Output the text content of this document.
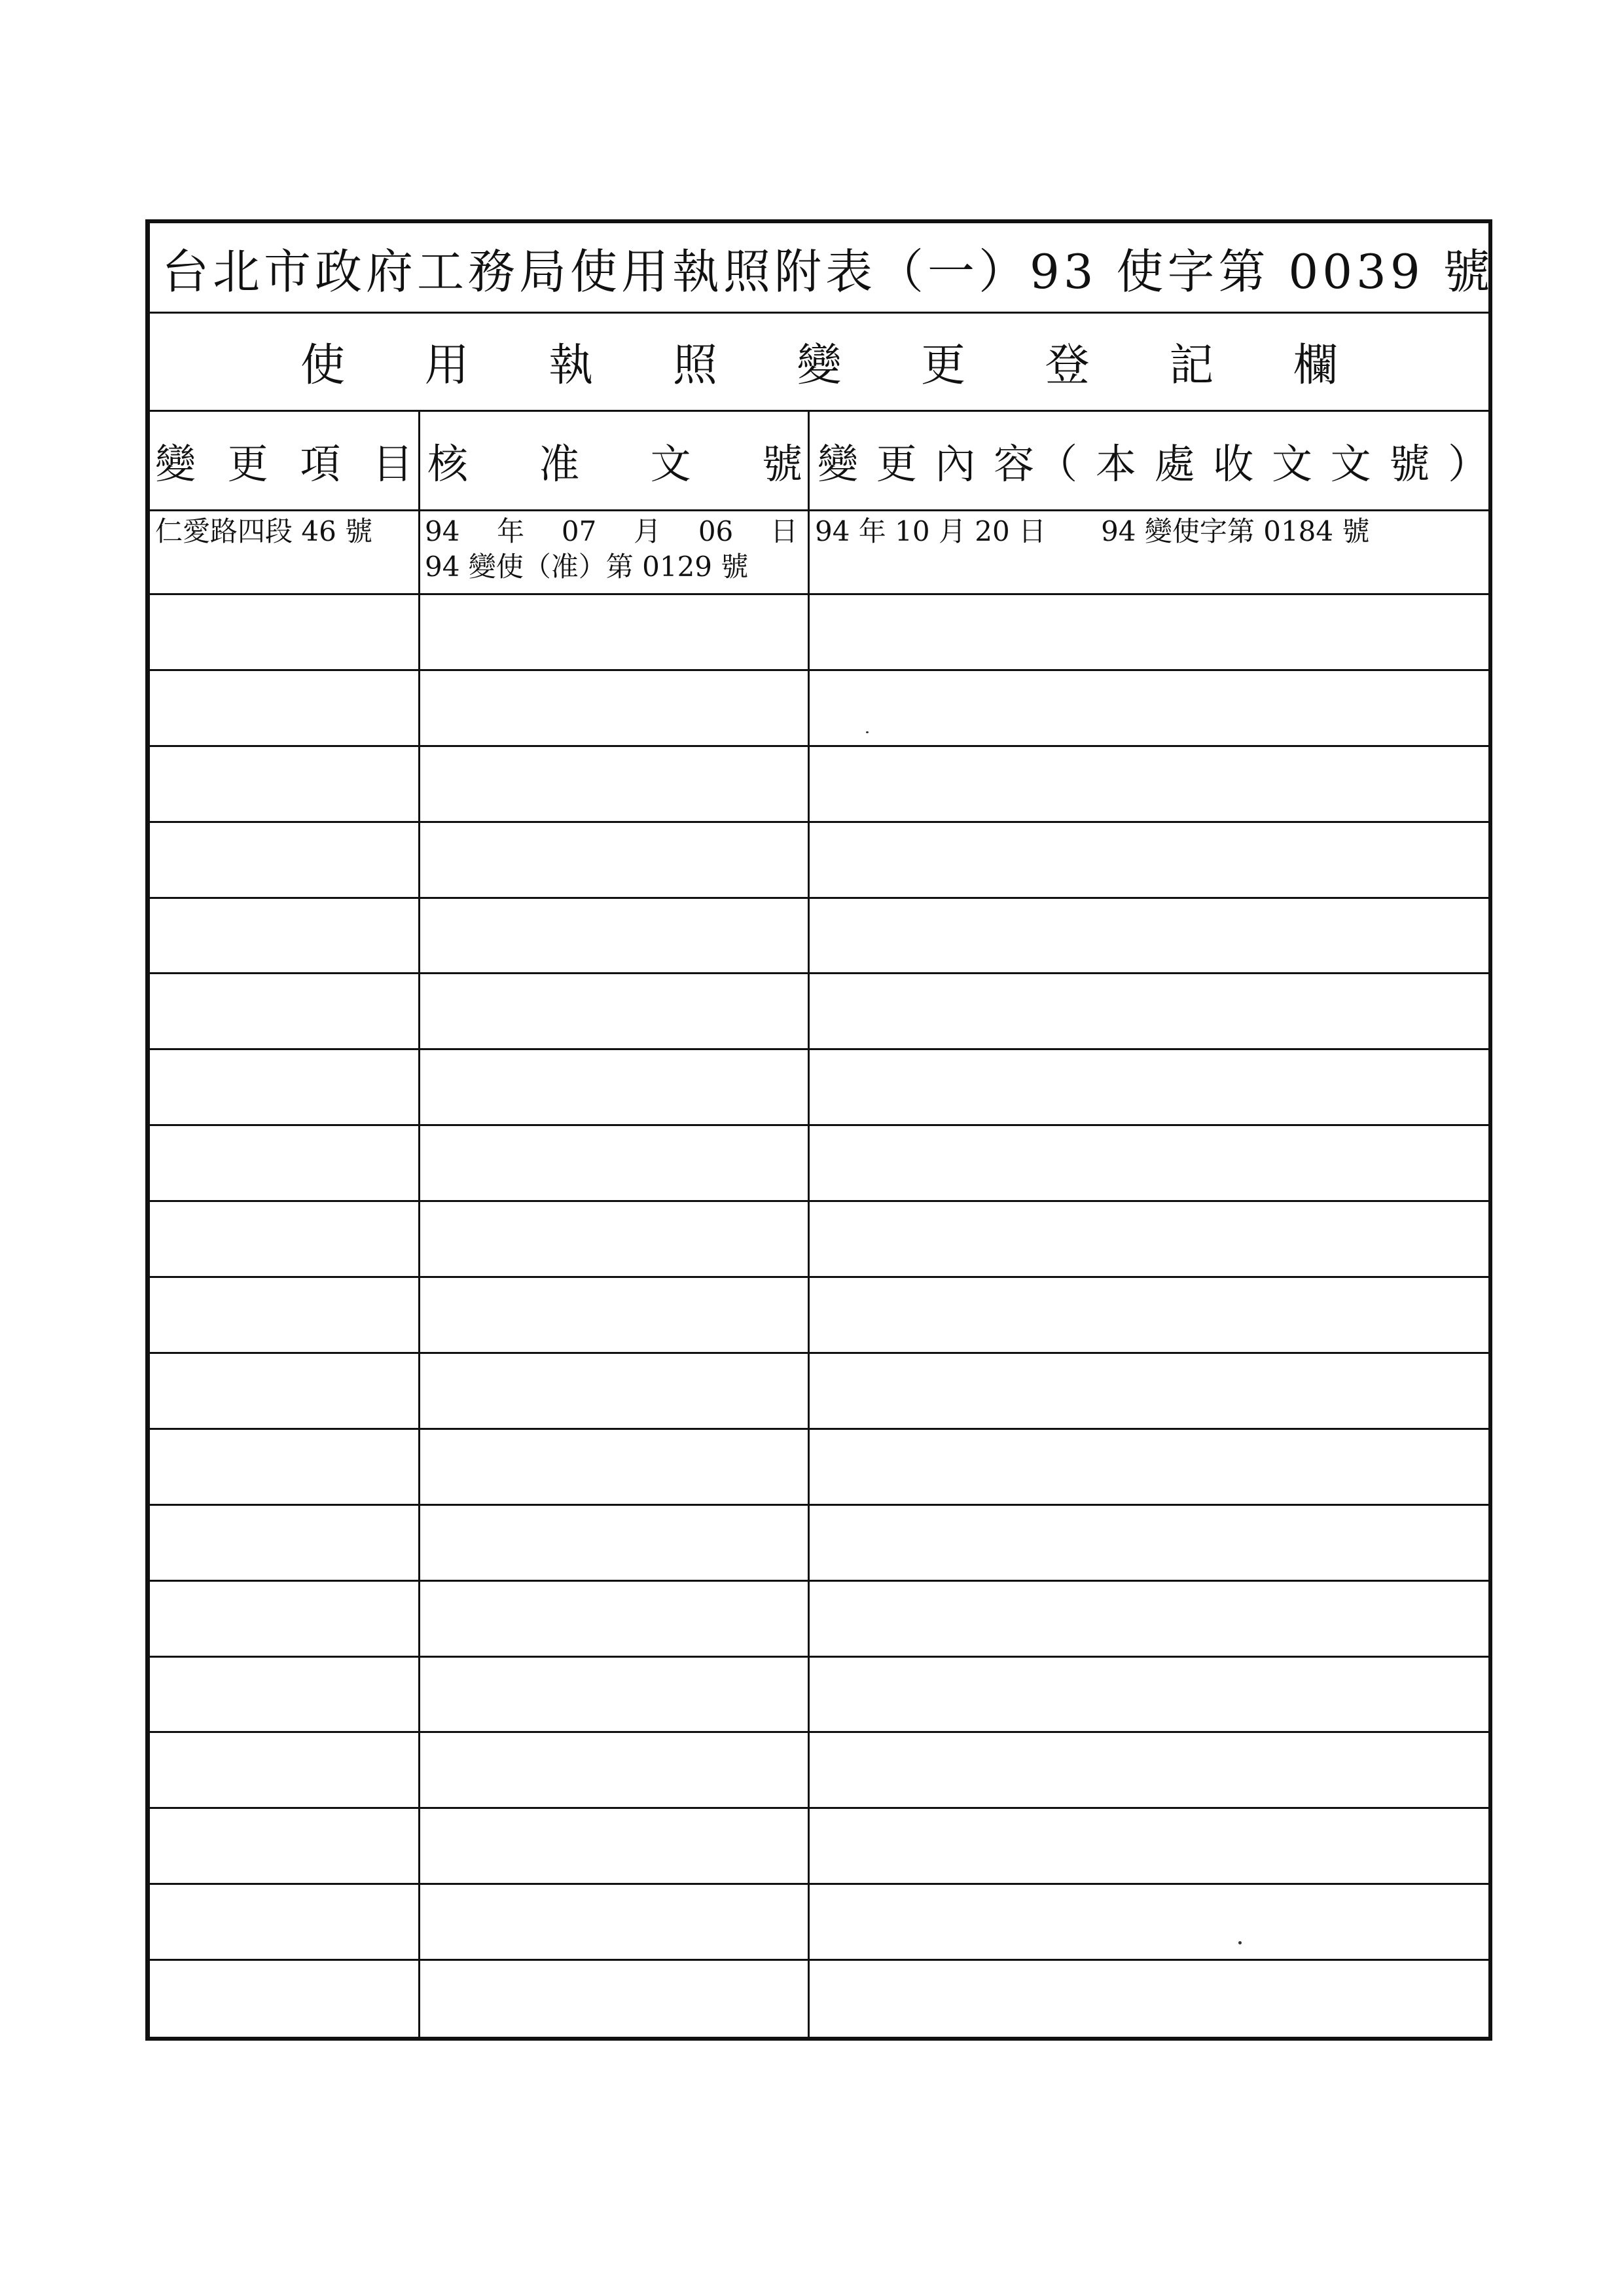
台北市政府工務局使用執照附表（一）93 使字第 0039 號
使 用 執 照 變 更 登 記 欄
變 更 項 目 核 准 文 號 變 更 內 容（ 本 處 收 文 文 號 ）
仁愛路四段 46 號	94 年 07 月 06 日
94 變使（准）第 0129 號
94 年 10 月 20 日　　94 變使字第 0184 號
